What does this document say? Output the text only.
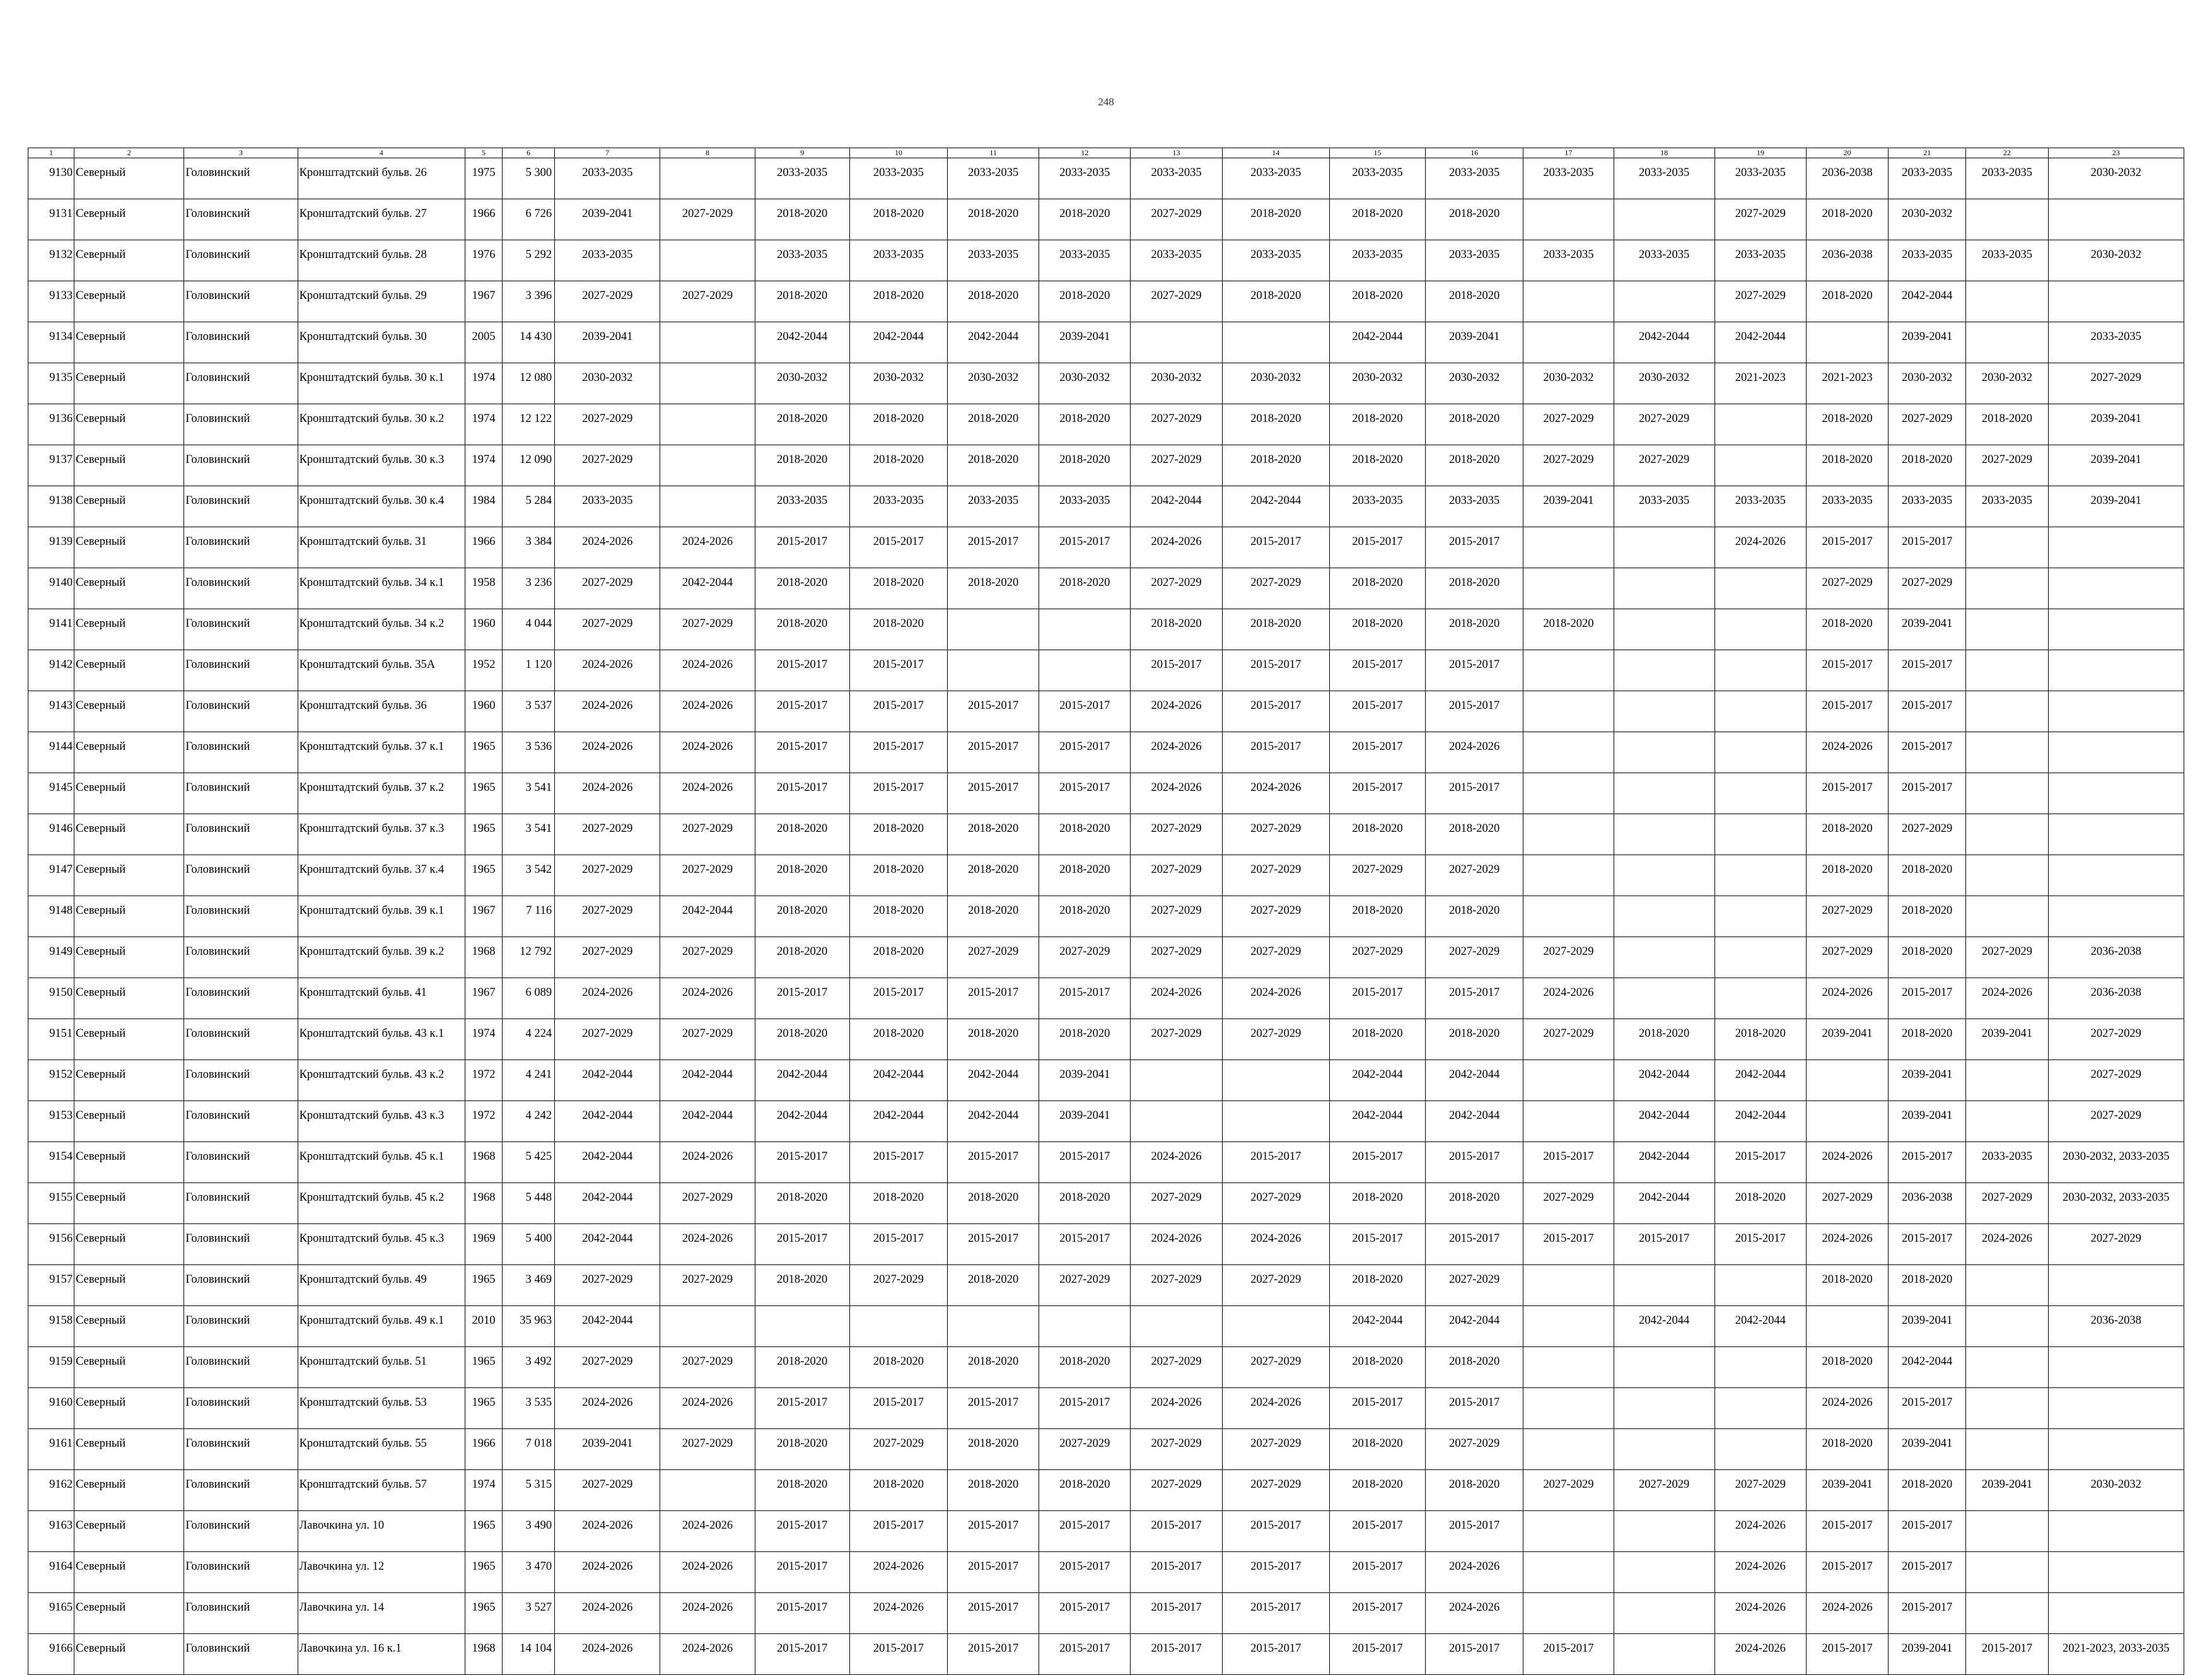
248
1	2	3	4	5	6	7	8	9	10	11	12	13	14	15	16	17	18	19	20	21	22	23
9130	Северный	Головинский	Кронштадтский бульв. 26	1975	5 300	2033-2035		2033-2035	2033-2035	2033-2035	2033-2035	2033-2035	2033-2035	2033-2035	2033-2035	2033-2035	2033-2035	2033-2035	2036-2038	2033-2035	2033-2035	2030-2032
9131	Северный	Головинский	Кронштадтский бульв. 27	1966	6 726	2039-2041	2027-2029	2018-2020	2018-2020	2018-2020	2018-2020	2027-2029	2018-2020	2018-2020	2018-2020			2027-2029	2018-2020	2030-2032		
9132	Северный	Головинский	Кронштадтский бульв. 28	1976	5 292	2033-2035		2033-2035	2033-2035	2033-2035	2033-2035	2033-2035	2033-2035	2033-2035	2033-2035	2033-2035	2033-2035	2033-2035	2036-2038	2033-2035	2033-2035	2030-2032
9133	Северный	Головинский	Кронштадтский бульв. 29	1967	3 396	2027-2029	2027-2029	2018-2020	2018-2020	2018-2020	2018-2020	2027-2029	2018-2020	2018-2020	2018-2020			2027-2029	2018-2020	2042-2044		
9134	Северный	Головинский	Кронштадтский бульв. 30	2005	14 430	2039-2041		2042-2044	2042-2044	2042-2044	2039-2041			2042-2044	2039-2041		2042-2044	2042-2044		2039-2041		2033-2035
9135	Северный	Головинский	Кронштадтский бульв. 30 к.1	1974	12 080	2030-2032		2030-2032	2030-2032	2030-2032	2030-2032	2030-2032	2030-2032	2030-2032	2030-2032	2030-2032	2030-2032	2021-2023	2021-2023	2030-2032	2030-2032	2027-2029
9136	Северный	Головинский	Кронштадтский бульв. 30 к.2	1974	12 122	2027-2029		2018-2020	2018-2020	2018-2020	2018-2020	2027-2029	2018-2020	2018-2020	2018-2020	2027-2029	2027-2029		2018-2020	2027-2029	2018-2020	2039-2041
9137	Северный	Головинский	Кронштадтский бульв. 30 к.3	1974	12 090	2027-2029		2018-2020	2018-2020	2018-2020	2018-2020	2027-2029	2018-2020	2018-2020	2018-2020	2027-2029	2027-2029		2018-2020	2018-2020	2027-2029	2039-2041
9138	Северный	Головинский	Кронштадтский бульв. 30 к.4	1984	5 284	2033-2035		2033-2035	2033-2035	2033-2035	2033-2035	2042-2044	2042-2044	2033-2035	2033-2035	2039-2041	2033-2035	2033-2035	2033-2035	2033-2035	2033-2035	2039-2041
9139	Северный	Головинский	Кронштадтский бульв. 31	1966	3 384	2024-2026	2024-2026	2015-2017	2015-2017	2015-2017	2015-2017	2024-2026	2015-2017	2015-2017	2015-2017			2024-2026	2015-2017	2015-2017		
9140	Северный	Головинский	Кронштадтский бульв. 34 к.1	1958	3 236	2027-2029	2042-2044	2018-2020	2018-2020	2018-2020	2018-2020	2027-2029	2027-2029	2018-2020	2018-2020				2027-2029	2027-2029		
9141	Северный	Головинский	Кронштадтский бульв. 34 к.2	1960	4 044	2027-2029	2027-2029	2018-2020	2018-2020			2018-2020	2018-2020	2018-2020	2018-2020	2018-2020			2018-2020	2039-2041		
9142	Северный	Головинский	Кронштадтский бульв. 35А	1952	1 120	2024-2026	2024-2026	2015-2017	2015-2017			2015-2017	2015-2017	2015-2017	2015-2017				2015-2017	2015-2017		
9143	Северный	Головинский	Кронштадтский бульв. 36	1960	3 537	2024-2026	2024-2026	2015-2017	2015-2017	2015-2017	2015-2017	2024-2026	2015-2017	2015-2017	2015-2017				2015-2017	2015-2017		
9144	Северный	Головинский	Кронштадтский бульв. 37 к.1	1965	3 536	2024-2026	2024-2026	2015-2017	2015-2017	2015-2017	2015-2017	2024-2026	2015-2017	2015-2017	2024-2026				2024-2026	2015-2017		
9145	Северный	Головинский	Кронштадтский бульв. 37 к.2	1965	3 541	2024-2026	2024-2026	2015-2017	2015-2017	2015-2017	2015-2017	2024-2026	2024-2026	2015-2017	2015-2017				2015-2017	2015-2017		
9146	Северный	Головинский	Кронштадтский бульв. 37 к.3	1965	3 541	2027-2029	2027-2029	2018-2020	2018-2020	2018-2020	2018-2020	2027-2029	2027-2029	2018-2020	2018-2020				2018-2020	2027-2029		
9147	Северный	Головинский	Кронштадтский бульв. 37 к.4	1965	3 542	2027-2029	2027-2029	2018-2020	2018-2020	2018-2020	2018-2020	2027-2029	2027-2029	2027-2029	2027-2029				2018-2020	2018-2020		
9148	Северный	Головинский	Кронштадтский бульв. 39 к.1	1967	7 116	2027-2029	2042-2044	2018-2020	2018-2020	2018-2020	2018-2020	2027-2029	2027-2029	2018-2020	2018-2020				2027-2029	2018-2020		
9149	Северный	Головинский	Кронштадтский бульв. 39 к.2	1968	12 792	2027-2029	2027-2029	2018-2020	2018-2020	2027-2029	2027-2029	2027-2029	2027-2029	2027-2029	2027-2029	2027-2029			2027-2029	2018-2020	2027-2029	2036-2038
9150	Северный	Головинский	Кронштадтский бульв. 41	1967	6 089	2024-2026	2024-2026	2015-2017	2015-2017	2015-2017	2015-2017	2024-2026	2024-2026	2015-2017	2015-2017	2024-2026			2024-2026	2015-2017	2024-2026	2036-2038
9151	Северный	Головинский	Кронштадтский бульв. 43 к.1	1974	4 224	2027-2029	2027-2029	2018-2020	2018-2020	2018-2020	2018-2020	2027-2029	2027-2029	2018-2020	2018-2020	2027-2029	2018-2020	2018-2020	2039-2041	2018-2020	2039-2041	2027-2029
9152	Северный	Головинский	Кронштадтский бульв. 43 к.2	1972	4 241	2042-2044	2042-2044	2042-2044	2042-2044	2042-2044	2039-2041			2042-2044	2042-2044		2042-2044	2042-2044		2039-2041		2027-2029
9153	Северный	Головинский	Кронштадтский бульв. 43 к.3	1972	4 242	2042-2044	2042-2044	2042-2044	2042-2044	2042-2044	2039-2041			2042-2044	2042-2044		2042-2044	2042-2044		2039-2041		2027-2029
9154	Северный	Головинский	Кронштадтский бульв. 45 к.1	1968	5 425	2042-2044	2024-2026	2015-2017	2015-2017	2015-2017	2015-2017	2024-2026	2015-2017	2015-2017	2015-2017	2015-2017	2042-2044	2015-2017	2024-2026	2015-2017	2033-2035	2030-2032, 2033-2035
9155	Северный	Головинский	Кронштадтский бульв. 45 к.2	1968	5 448	2042-2044	2027-2029	2018-2020	2018-2020	2018-2020	2018-2020	2027-2029	2027-2029	2018-2020	2018-2020	2027-2029	2042-2044	2018-2020	2027-2029	2036-2038	2027-2029	2030-2032, 2033-2035
9156	Северный	Головинский	Кронштадтский бульв. 45 к.3	1969	5 400	2042-2044	2024-2026	2015-2017	2015-2017	2015-2017	2015-2017	2024-2026	2024-2026	2015-2017	2015-2017	2015-2017	2015-2017	2015-2017	2024-2026	2015-2017	2024-2026	2027-2029
9157	Северный	Головинский	Кронштадтский бульв. 49	1965	3 469	2027-2029	2027-2029	2018-2020	2027-2029	2018-2020	2027-2029	2027-2029	2027-2029	2018-2020	2027-2029				2018-2020	2018-2020		
9158	Северный	Головинский	Кронштадтский бульв. 49 к.1	2010	35 963	2042-2044								2042-2044	2042-2044		2042-2044	2042-2044		2039-2041		2036-2038
9159	Северный	Головинский	Кронштадтский бульв. 51	1965	3 492	2027-2029	2027-2029	2018-2020	2018-2020	2018-2020	2018-2020	2027-2029	2027-2029	2018-2020	2018-2020				2018-2020	2042-2044		
9160	Северный	Головинский	Кронштадтский бульв. 53	1965	3 535	2024-2026	2024-2026	2015-2017	2015-2017	2015-2017	2015-2017	2024-2026	2024-2026	2015-2017	2015-2017				2024-2026	2015-2017		
9161	Северный	Головинский	Кронштадтский бульв. 55	1966	7 018	2039-2041	2027-2029	2018-2020	2027-2029	2018-2020	2027-2029	2027-2029	2027-2029	2018-2020	2027-2029				2018-2020	2039-2041		
9162	Северный	Головинский	Кронштадтский бульв. 57	1974	5 315	2027-2029		2018-2020	2018-2020	2018-2020	2018-2020	2027-2029	2027-2029	2018-2020	2018-2020	2027-2029	2027-2029	2027-2029	2039-2041	2018-2020	2039-2041	2030-2032
9163	Северный	Головинский	Лавочкина ул. 10	1965	3 490	2024-2026	2024-2026	2015-2017	2015-2017	2015-2017	2015-2017	2015-2017	2015-2017	2015-2017	2015-2017			2024-2026	2015-2017	2015-2017		
9164	Северный	Головинский	Лавочкина ул. 12	1965	3 470	2024-2026	2024-2026	2015-2017	2024-2026	2015-2017	2015-2017	2015-2017	2015-2017	2015-2017	2024-2026			2024-2026	2015-2017	2015-2017		
9165	Северный	Головинский	Лавочкина ул. 14	1965	3 527	2024-2026	2024-2026	2015-2017	2024-2026	2015-2017	2015-2017	2015-2017	2015-2017	2015-2017	2024-2026			2024-2026	2024-2026	2015-2017		
9166	Северный	Головинский	Лавочкина ул. 16 к.1	1968	14 104	2024-2026	2024-2026	2015-2017	2015-2017	2015-2017	2015-2017	2015-2017	2015-2017	2015-2017	2015-2017	2015-2017		2024-2026	2015-2017	2039-2041	2015-2017	2021-2023, 2033-2035
